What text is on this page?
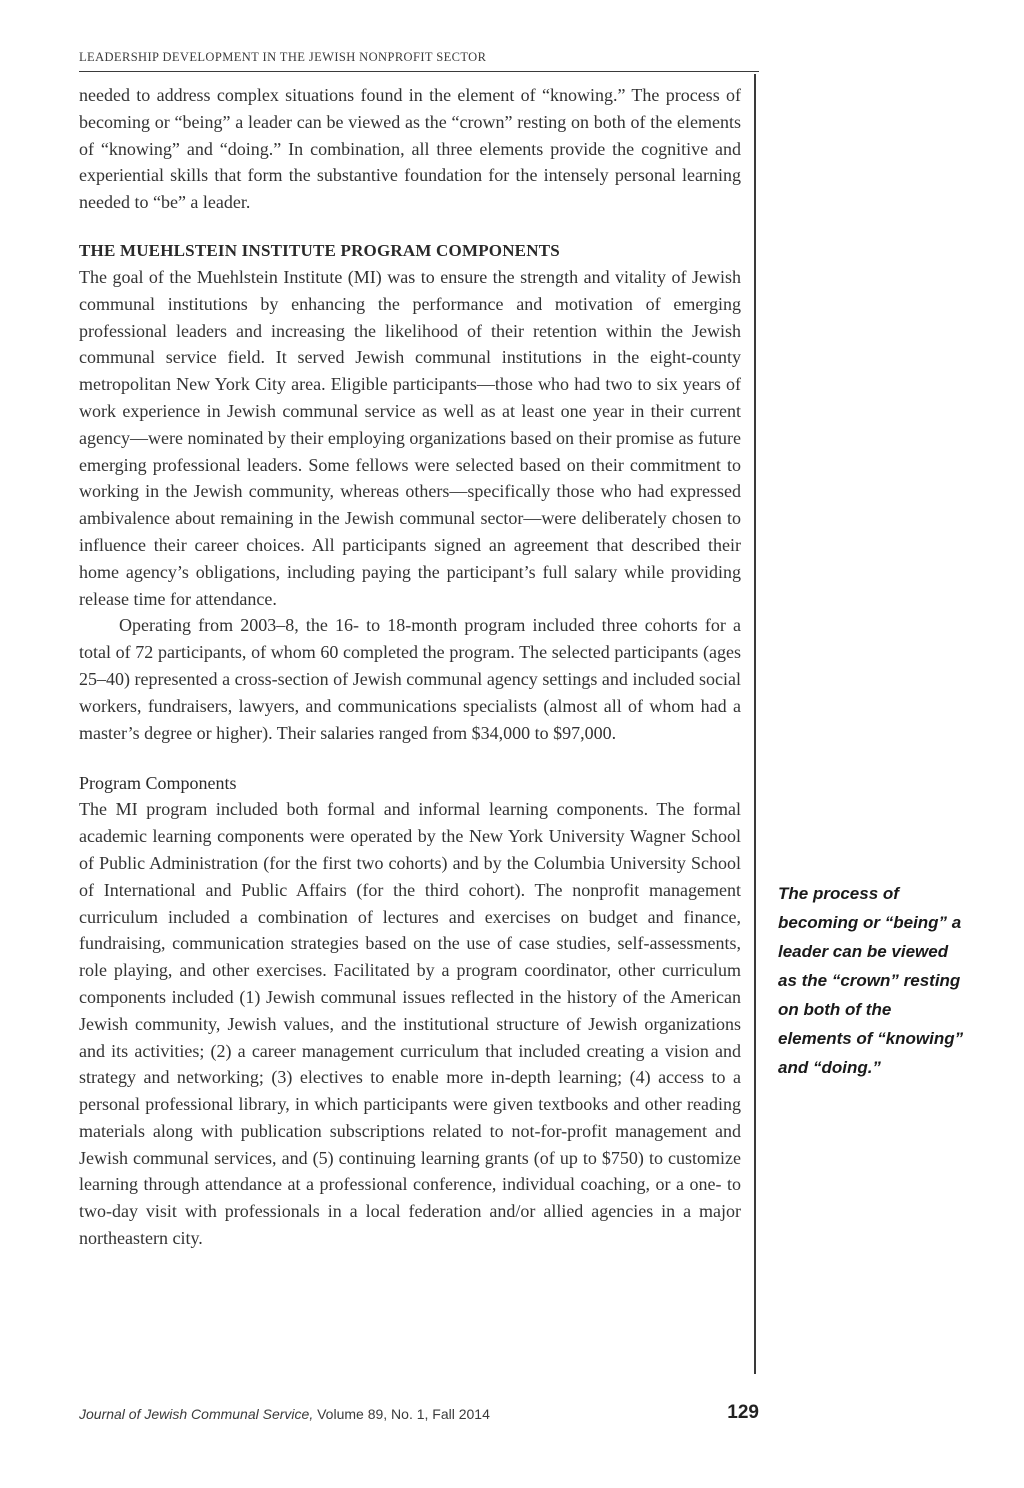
LEADERSHIP DEVELOPMENT IN THE JEWISH NONPROFIT SECTOR

needed to address complex situations found in the element of “knowing.” The process of becoming or “being” a leader can be viewed as the “crown” resting on both of the elements of “knowing” and “doing.” In combination, all three elements provide the cognitive and experiential skills that form the substantive foundation for the intensely personal learning needed to “be” a leader.

THE MUEHLSTEIN INSTITUTE PROGRAM COMPONENTS

The goal of the Muehlstein Institute (MI) was to ensure the strength and vitality of Jewish communal institutions by enhancing the performance and motivation of emerging professional leaders and increasing the likelihood of their retention within the Jewish communal service field. It served Jewish communal institutions in the eight-county metropolitan New York City area. Eligible participants—those who had two to six years of work experience in Jewish communal service as well as at least one year in their current agency—were nominated by their employing organizations based on their promise as future emerging professional leaders. Some fellows were selected based on their commitment to working in the Jewish community, whereas others—specifically those who had expressed ambivalence about remaining in the Jewish communal sector—were deliberately chosen to influence their career choices. All participants signed an agreement that described their home agency’s obligations, including paying the participant’s full salary while providing release time for attendance.

Operating from 2003–8, the 16- to 18-month program included three cohorts for a total of 72 participants, of whom 60 completed the program. The selected participants (ages 25–40) represented a cross-section of Jewish communal agency settings and included social workers, fundraisers, lawyers, and communications specialists (almost all of whom had a master’s degree or higher). Their salaries ranged from $34,000 to $97,000.

Program Components

The MI program included both formal and informal learning components. The formal academic learning components were operated by the New York University Wagner School of Public Administration (for the first two cohorts) and by the Columbia University School of International and Public Affairs (for the third cohort). The nonprofit management curriculum included a combination of lectures and exercises on budget and finance, fundraising, communication strategies based on the use of case studies, self-assessments, role playing, and other exercises. Facilitated by a program coordinator, other curriculum components included (1) Jewish communal issues reflected in the history of the American Jewish community, Jewish values, and the institutional structure of Jewish organizations and its activities; (2) a career management curriculum that included creating a vision and strategy and networking; (3) electives to enable more in-depth learning; (4) access to a personal professional library, in which participants were given textbooks and other reading materials along with publication subscriptions related to not-for-profit management and Jewish communal services, and (5) continuing learning grants (of up to $750) to customize learning through attendance at a professional conference, individual coaching, or a one- to two-day visit with professionals in a local federation and/or allied agencies in a major northeastern city.

The process of becoming or “being” a leader can be viewed as the “crown” resting on both of the elements of “knowing” and “doing.”
Journal of Jewish Communal Service, Volume 89, No. 1, Fall 2014	129
